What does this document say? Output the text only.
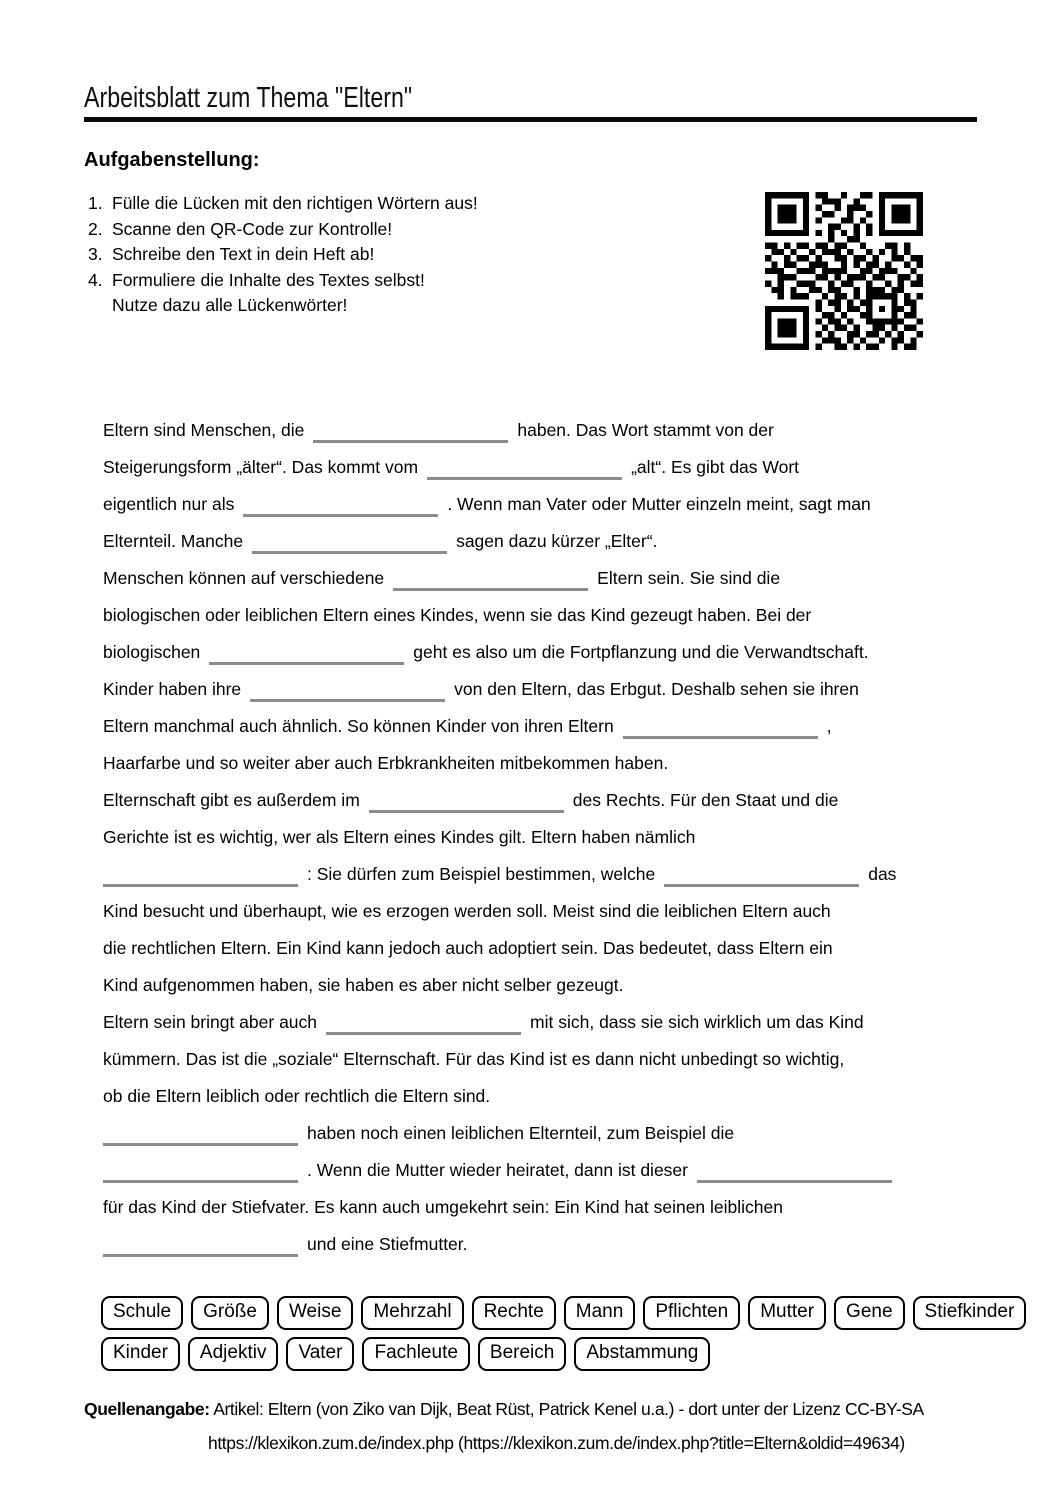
Arbeitsblatt zum Thema "Eltern"
Aufgabenstellung:
1. Fülle die Lücken mit den richtigen Wörtern aus!
2. Scanne den QR-Code zur Kontrolle!
3. Schreibe den Text in dein Heft ab!
4. Formuliere die Inhalte des Textes selbst!
Nutze dazu alle Lückenwörter!
Eltern sind Menschen, die	haben. Das Wort stammt von der
Steigerungsform „älter“. Das kommt vom	„alt“. Es gibt das Wort
eigentlich nur als	. Wenn man Vater oder Mutter einzeln meint, sagt man
Elternteil. Manche	sagen dazu kürzer „Elter“.
Menschen können auf verschiedene	Eltern sein. Sie sind die
biologischen oder leiblichen Eltern eines Kindes, wenn sie das Kind gezeugt haben. Bei der
biologischen	geht es also um die Fortpflanzung und die Verwandtschaft.
Kinder haben ihre	von den Eltern, das Erbgut. Deshalb sehen sie ihren
Eltern manchmal auch ähnlich. So können Kinder von ihren Eltern	,
Haarfarbe und so weiter aber auch Erbkrankheiten mitbekommen haben.
Elternschaft gibt es außerdem im	des Rechts. Für den Staat und die
Gerichte ist es wichtig, wer als Eltern eines Kindes gilt. Eltern haben nämlich
: Sie dürfen zum Beispiel bestimmen, welche	das
Kind besucht und überhaupt, wie es erzogen werden soll. Meist sind die leiblichen Eltern auch
die rechtlichen Eltern. Ein Kind kann jedoch auch adoptiert sein. Das bedeutet, dass Eltern ein
Kind aufgenommen haben, sie haben es aber nicht selber gezeugt.
Eltern sein bringt aber auch	mit sich, dass sie sich wirklich um das Kind
kümmern. Das ist die „soziale“ Elternschaft. Für das Kind ist es dann nicht unbedingt so wichtig,
ob die Eltern leiblich oder rechtlich die Eltern sind.
haben noch einen leiblichen Elternteil, zum Beispiel die
. Wenn die Mutter wieder heiratet, dann ist dieser
für das Kind der Stiefvater. Es kann auch umgekehrt sein: Ein Kind hat seinen leiblichen
und eine Stiefmutter.
Schule	Größe	Weise	Mehrzahl	Rechte	Mann	Pflichten	Mutter	Gene	Stiefkinder
Kinder	Adjektiv	Vater	Fachleute	Bereich	Abstammung
Quellenangabe: Artikel: Eltern (von Ziko van Dijk, Beat Rüst, Patrick Kenel u.a.) - dort unter der Lizenz CC-BY-SA
https://klexikon.zum.de/index.php (https://klexikon.zum.de/index.php?title=Eltern&oldid=49634)
